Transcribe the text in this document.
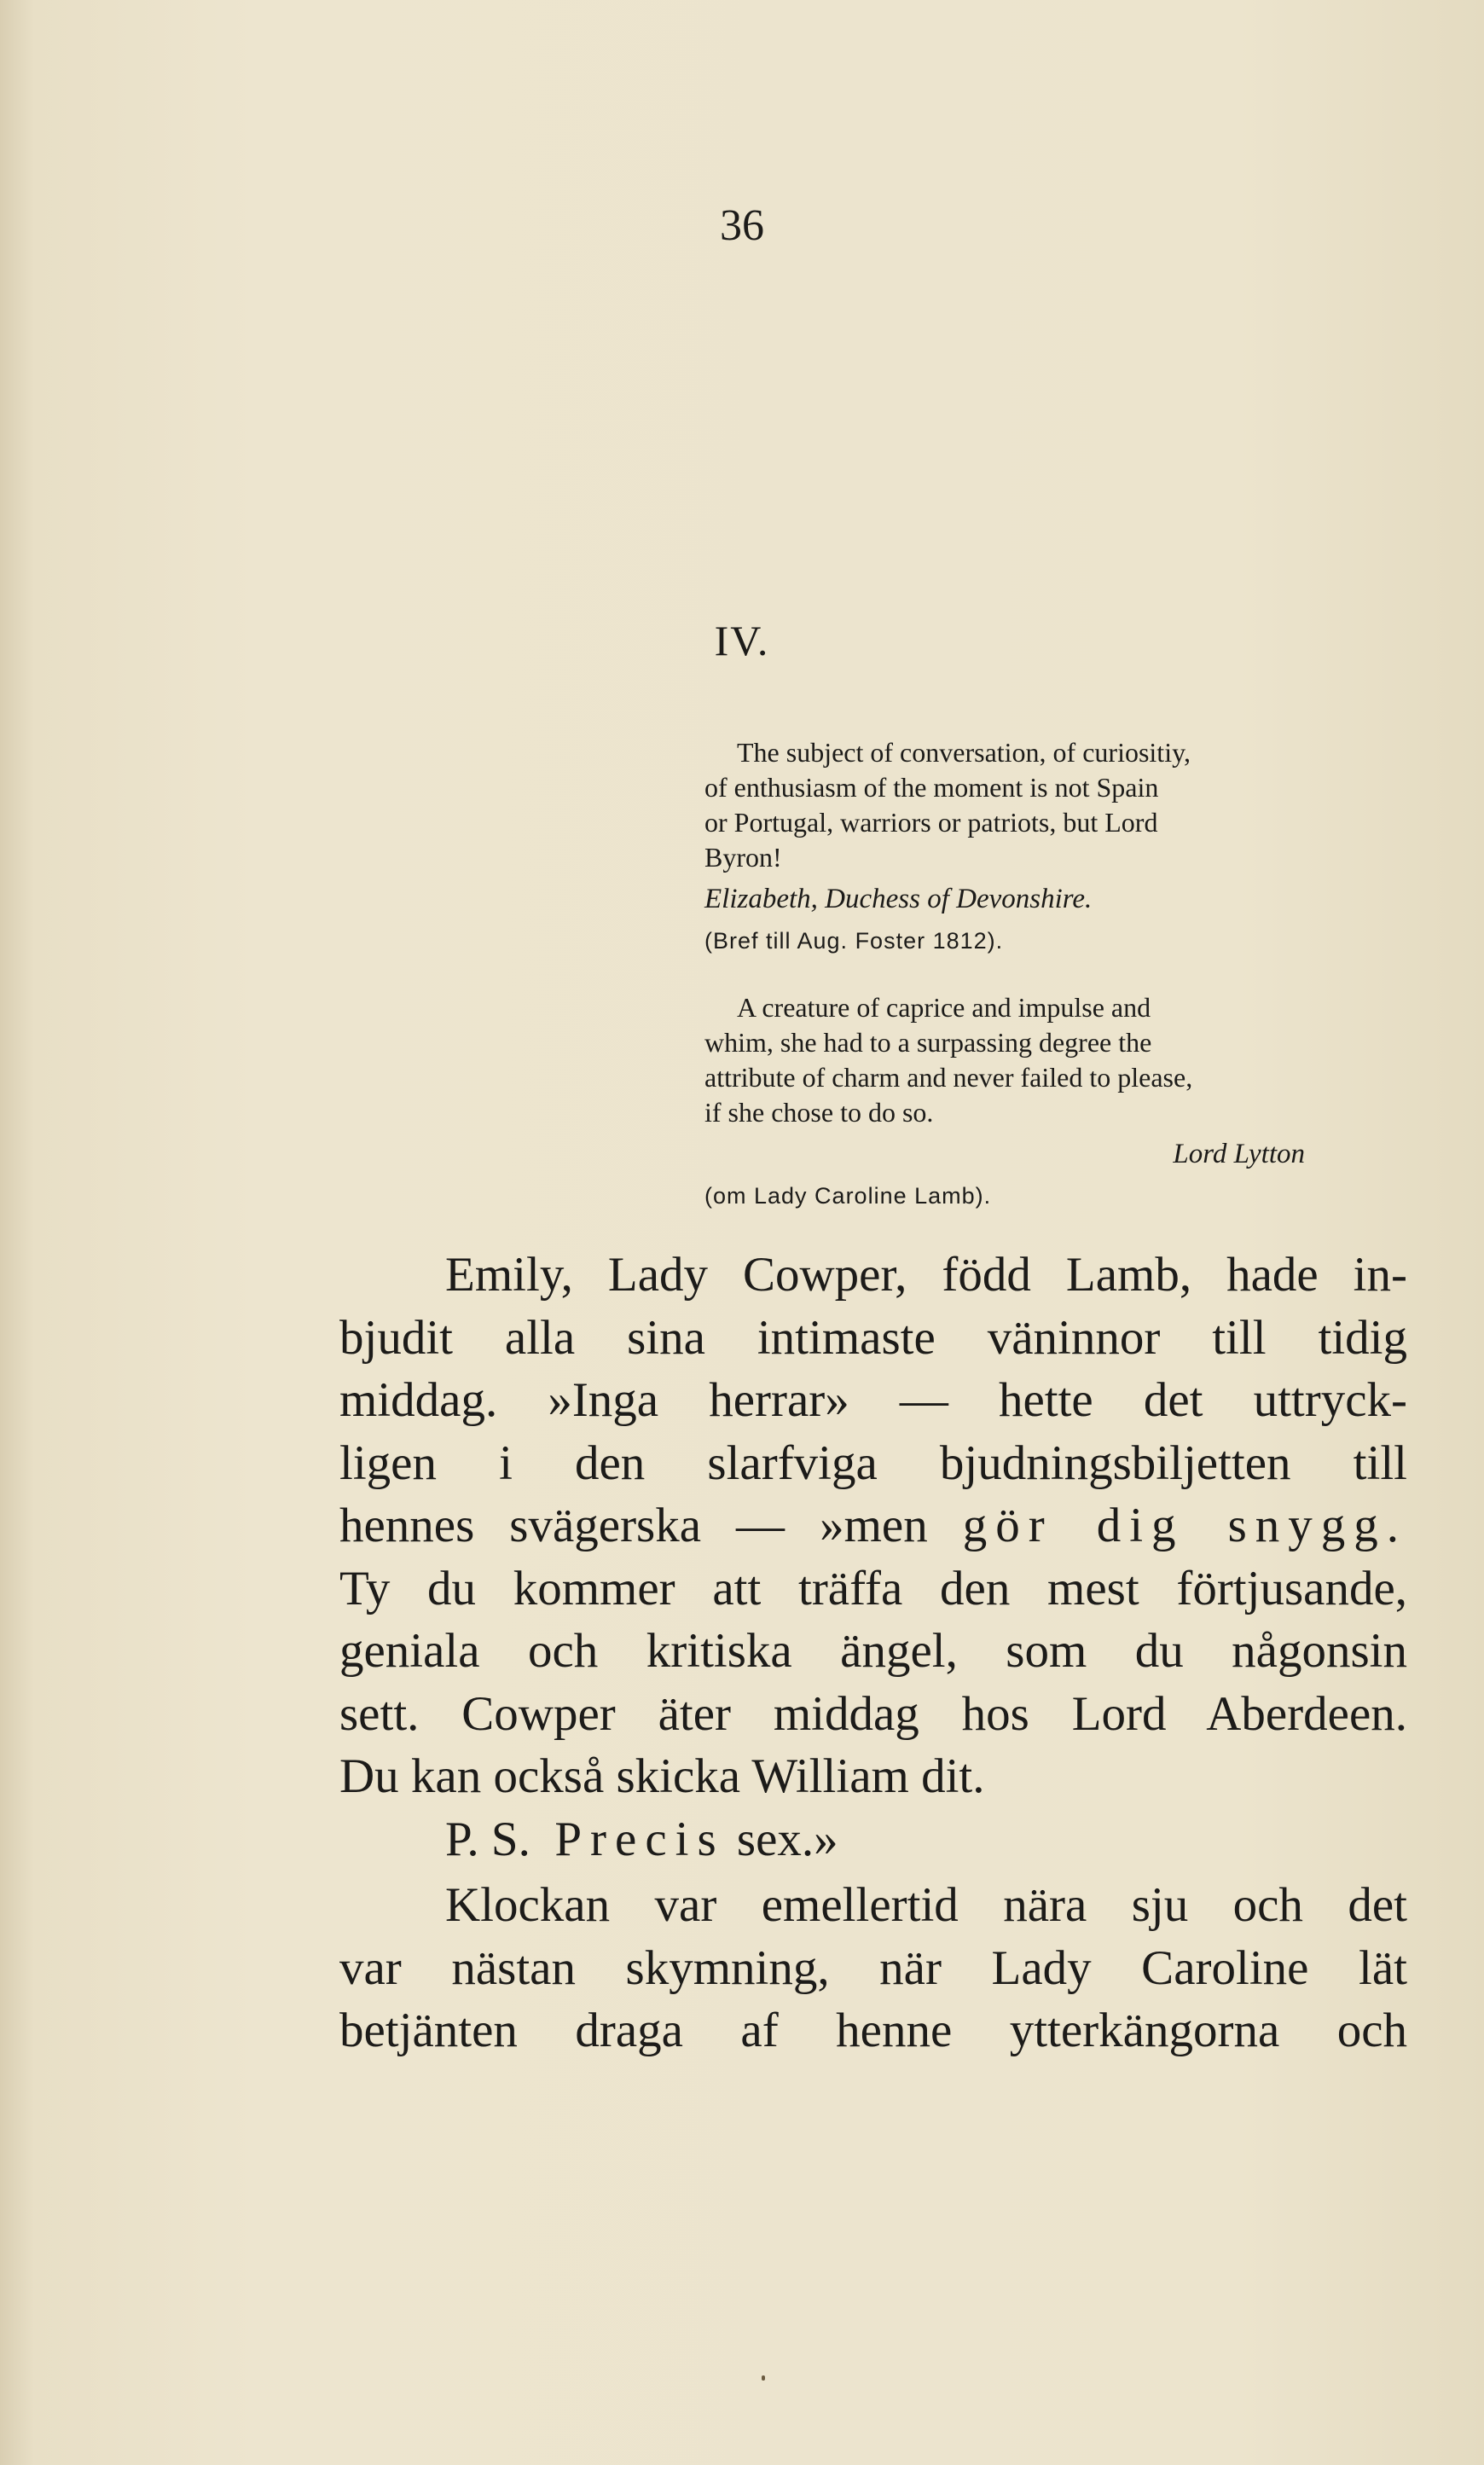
36
IV.

The subject of conversation, of curiositiy,

of enthusiasm of the moment is not Spain

or Portugal, warriors or patriots, but Lord

Byron!

Elizabeth, Duchess of Devonshire.

(Bref till Aug. Foster 1812).

A creature of caprice and impulse and

whim, she had to a surpassing degree the

attribute of charm and never failed to please,

if she chose to do so.

Lord Lytton

(om Lady Caroline Lamb).

Emily, Lady Cowper, född Lamb, hade in-
bjudit alla sina intimaste väninnor till tidig
middag. »Inga herrar» — hette det uttryck-
ligen i den slarfviga bjudningsbiljetten till
hennes svägerska — »men gör dig snygg.
Ty du kommer att träffa den mest förtjusande,
geniala och kritiska ängel, som du någonsin
sett. Cowper äter middag hos Lord Aberdeen.
Du kan också skicka William dit.
P. S. Precis sex.»
Klockan var emellertid nära sju och det
var nästan skymning, när Lady Caroline lät
betjänten draga af henne ytterkängorna och
